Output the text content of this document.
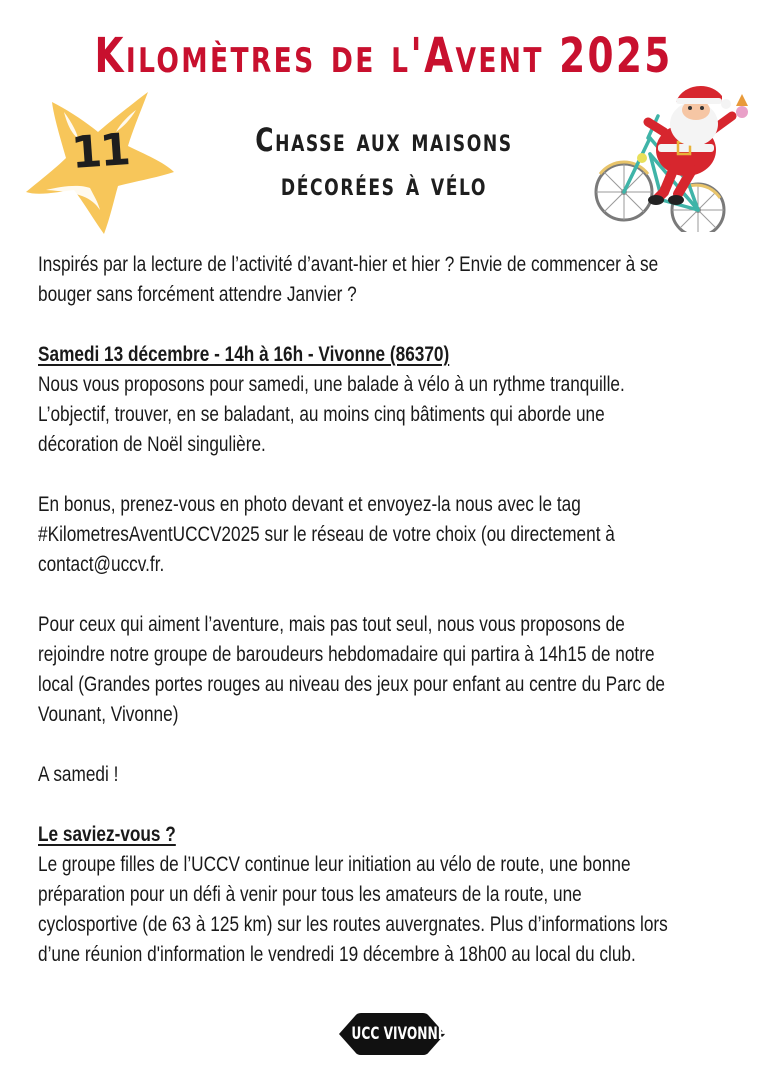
Kilomètres de l'Avent 2025
11	Chasse aux maisons
décorées à vélo
Inspirés par la lecture de l’activité d’avant-hier et hier ? Envie de commencer à se
bouger sans forcément attendre Janvier ?
Samedi 13 décembre - 14h à 16h - Vivonne (86370)
Nous vous proposons pour samedi, une balade à vélo à un rythme tranquille.
L’objectif, trouver, en se baladant, au moins cinq bâtiments qui aborde une
décoration de Noël singulière.
En bonus, prenez-vous en photo devant et envoyez-la nous avec le tag
#KilometresAventUCCV2025 sur le réseau de votre choix (ou directement à
contact@uccv.fr.
Pour ceux qui aiment l’aventure, mais pas tout seul, nous vous proposons de
rejoindre notre groupe de baroudeurs hebdomadaire qui partira à 14h15 de notre
local (Grandes portes rouges au niveau des jeux pour enfant au centre du Parc de
Vounant, Vivonne)
A samedi !
Le saviez-vous ?
Le groupe filles de l’UCCV continue leur initiation au vélo de route, une bonne
préparation pour un défi à venir pour tous les amateurs de la route, une
cyclosportive (de 63 à 125 km) sur les routes auvergnates. Plus d’informations lors
d’une réunion d'information le vendredi 19 décembre à 18h00 au local du club.
UCC VIVONNE
